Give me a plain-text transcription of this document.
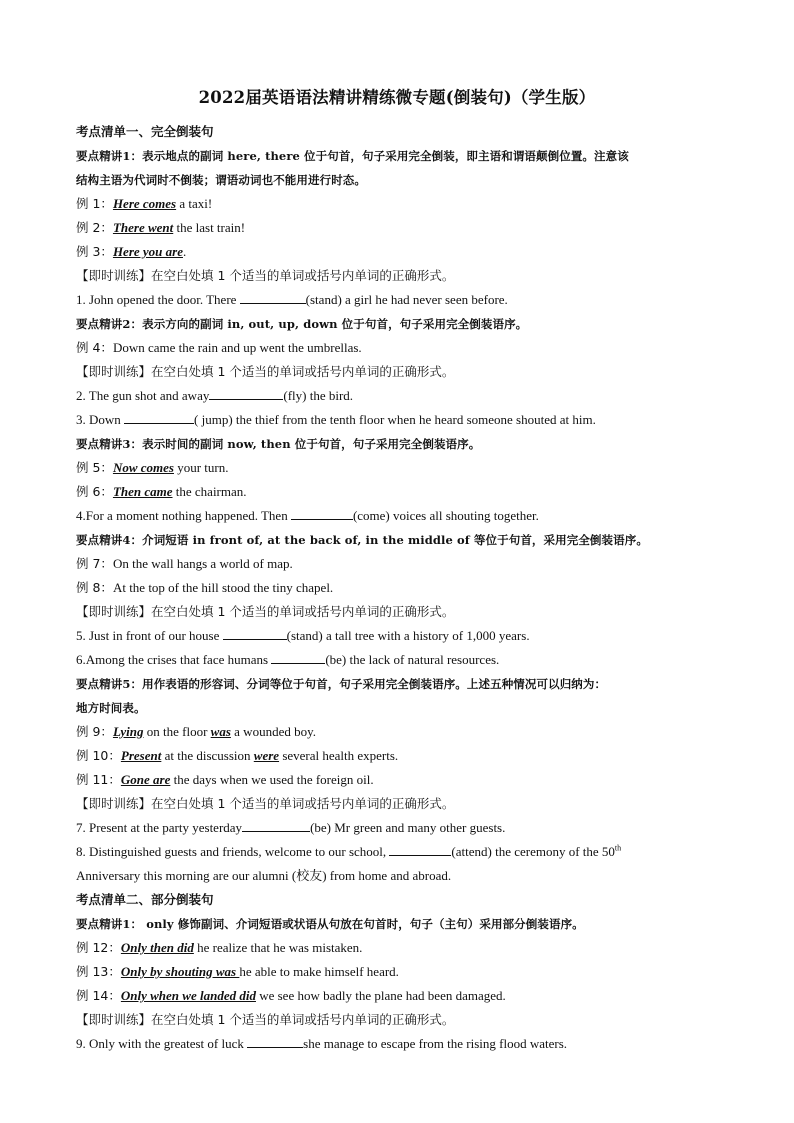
2022届英语语法精讲精练微专题(倒装句)（学生版）
考点清单一、完全倒装句
要点精讲1：表示地点的副词 here, there 位于句首，句子采用完全倒装，即主语和谓语颠倒位置。注意该
结构主语为代词时不倒装；谓语动词也不能用进行时态。
例 1：Here comes a taxi!
例 2：There went the last train!
例 3：Here you are.
【即时训练】在空白处填 1 个适当的单词或括号内单词的正确形式。
1. John opened the door. There	(stand) a girl he had never seen before.
要点精讲2：表示方向的副词 in, out, up, down 位于句首，句子采用完全倒装语序。
例 4：Down came the rain and up went the umbrellas.
【即时训练】在空白处填 1 个适当的单词或括号内单词的正确形式。
2. The gun shot and away	(fly) the bird.
3. Down	( jump) the thief from the tenth floor when he heard someone shouted at him.
要点精讲3：表示时间的副词 now, then 位于句首，句子采用完全倒装语序。
例 5：Now comes your turn.
例 6：Then came the chairman.
4.For a moment nothing happened. Then	(come) voices all shouting together.
要点精讲4：介词短语 in front of, at the back of, in the middle of 等位于句首，采用完全倒装语序。
例 7：On the wall hangs a world of map.
例 8：At the top of the hill stood the tiny chapel.
【即时训练】在空白处填 1 个适当的单词或括号内单词的正确形式。
5. Just in front of our house	(stand) a tall tree with a history of 1,000 years.
6.Among the crises that face humans	(be) the lack of natural resources.
要点精讲5：用作表语的形容词、分词等位于句首，句子采用完全倒装语序。上述五种情况可以归纳为：
地方时间表。
例 9：Lying on the floor was a wounded boy.
例 10：Present at the discussion were several health experts.
例 11：Gone are the days when we used the foreign oil.
【即时训练】在空白处填 1 个适当的单词或括号内单词的正确形式。
7. Present at the party yesterday	(be) Mr green and many other guests.
8. Distinguished guests and friends, welcome to our school,	(attend) the ceremony of the 50th
Anniversary this morning are our alumni (校友) from home and abroad.
考点清单二、部分倒装句
要点精讲1： only 修饰副词、介词短语或状语从句放在句首时，句子（主句）采用部分倒装语序。
例 12：Only then did he realize that he was mistaken.
例 13：Only by shouting was he able to make himself heard.
例 14：Only when we landed did we see how badly the plane had been damaged.
【即时训练】在空白处填 1 个适当的单词或括号内单词的正确形式。
9. Only with the greatest of luck	she manage to escape from the rising flood waters.
